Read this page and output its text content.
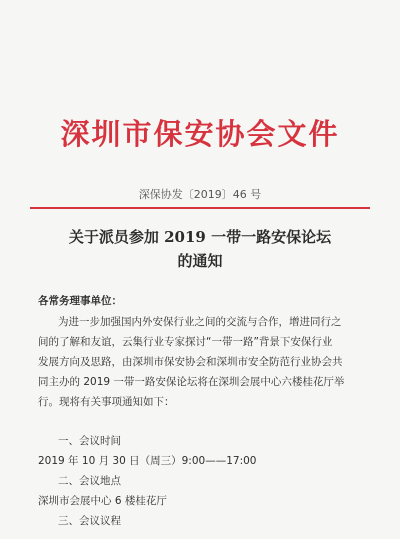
深圳市保安协会文件
深保协发〔2019〕46 号
关于派员参加 2019 一带一路安保论坛
的通知
各常务理事单位：
为进一步加强国内外安保行业之间的交流与合作，增进同行之
间的了解和友谊，云集行业专家探讨“一带一路”背景下安保行业
发展方向及思路，由深圳市保安协会和深圳市安全防范行业协会共
同主办的 2019 一带一路安保论坛将在深圳会展中心六楼桂花厅举
行。现将有关事项通知如下：
一、会议时间
2019 年 10 月 30 日（周三）9:00——17:00
二、会议地点
深圳市会展中心 6 楼桂花厅
三、会议议程
